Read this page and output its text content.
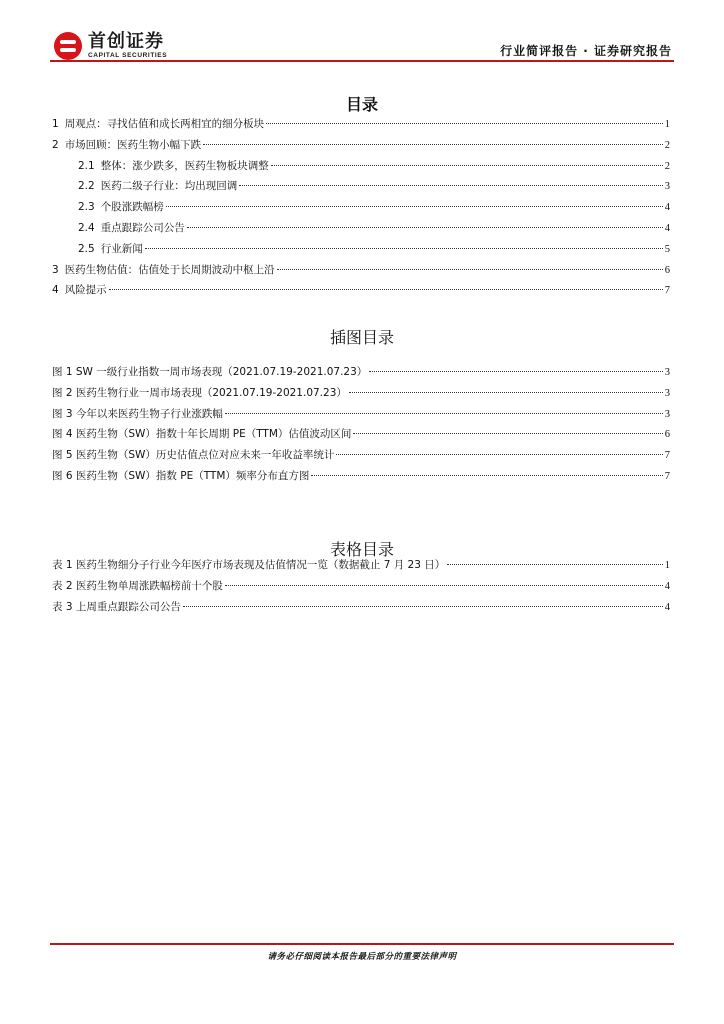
首创证券
CAPITAL SECURITIES	行业简评报告 · 证券研究报告
目录
1 周观点：寻找估值和成长两相宜的细分板块	1
2 市场回顾：医药生物小幅下跌	2
2.1 整体：涨少跌多，医药生物板块调整	2
2.2 医药二级子行业：均出现回调	3
2.3 个股涨跌幅榜	4
2.4 重点跟踪公司公告	4
2.5 行业新闻	5
3 医药生物估值：估值处于长周期波动中枢上沿	6
4 风险提示	7
插图目录
图 1 SW 一级行业指数一周市场表现（2021.07.19-2021.07.23）	3
图 2 医药生物行业一周市场表现（2021.07.19-2021.07.23）	3
图 3 今年以来医药生物子行业涨跌幅	3
图 4 医药生物（SW）指数十年长周期 PE（TTM）估值波动区间	6
图 5 医药生物（SW）历史估值点位对应未来一年收益率统计	7
图 6 医药生物（SW）指数 PE（TTM）频率分布直方图	7
表格目录
表 1 医药生物细分子行业今年医疗市场表现及估值情况一览（数据截止 7 月 23 日）	1
表 2 医药生物单周涨跌幅榜前十个股	4
表 3 上周重点跟踪公司公告	4
请务必仔细阅读本报告最后部分的重要法律声明
